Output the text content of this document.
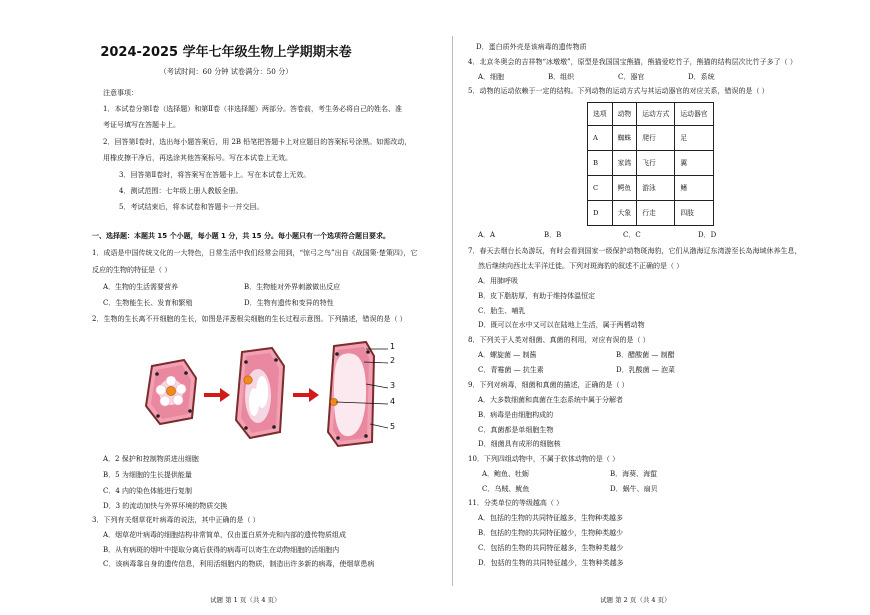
2024-2025 学年七年级生物上学期期末卷
（考试时间：60 分钟 试卷满分：50 分）
注意事项：
1．本试卷分第Ⅰ卷（选择题）和第Ⅱ卷（非选择题）两部分。答卷前，考生务必将自己的姓名、准
考证号填写在答题卡上。
2．回答第Ⅰ卷时，选出每小题答案后，用 2B 铅笔把答题卡上对应题目的答案标号涂黑。如需改动，
用橡皮擦干净后，再选涂其他答案标号。写在本试卷上无效。
3．回答第Ⅱ卷时，将答案写在答题卡上。写在本试卷上无效。
4．测试范围：七年级上册人教版全册。
5．考试结束后，将本试卷和答题卡一并交回。
一、选择题：本题共 15 个小题，每小题 1 分，共 15 分。每小题只有一个选项符合题目要求。
1．成语是中国传统文化的一大特色，日常生活中我们经常会用到，“惊弓之鸟”出自《战国策·楚策四》，它
反应的生物的特征是（ ）
A．生物的生活需要营养	B．生物能对外界刺激做出反应
C．生物能生长、发育和繁殖	D．生物有遗传和变异的特性
2．生物的生长离不开细胞的生长，如图是洋葱根尖细胞的生长过程示意图。下列描述，错误的是（ ）
1
2
3
4
5
A．2 保护和控制物质进出细胞
B．5 为细胞的生长提供能量
C．4 内的染色体能进行复制
D．3 的流动加快与外界环境的物质交换
3．下列有关烟草花叶病毒的说法，其中正确的是（ ）
A．烟草花叶病毒的细胞结构非常简单，仅由蛋白质外壳和内部的遗传物质组成
B．从有病斑的烟叶中提取分离后获得的病毒可以寄生在动物细胞的活细胞内
C．该病毒靠自身的遗传信息，利用活细胞内的物质，制造出许多新的病毒，使烟草患病
试题 第 1 页（共 4 页）
D．蛋白质外壳是该病毒的遗传物质
4．北京冬奥会的吉祥物“冰墩墩”，原型是我国国宝熊猫，熊猫爱吃竹子，熊猫的结构层次比竹子多了（ ）
A．细胞	B．组织	C．器官	D．系统
5．动物的运动依赖于一定的结构。下列动物的运动方式与其运动器官的对应关系，错误的是（ ）
选项	动物	运动方式	运动器官
A	蜘蛛	爬行	足
B	家鸽	飞行	翼
C	鳄鱼	游泳	鳍
D	大象	行走	四肢
A．A	B．B	C．C	D．D
7．春天去烟台长岛游玩，有时会看到国家一级保护动物斑海豹，它们从渤海辽东湾游至长岛海域休养生息，
然后继续向西北太平洋迁徙。下列对斑海豹的叙述不正确的是（ ）
A．用肺呼吸
B．皮下脂肪厚，有助于维持体温恒定
C．胎生、哺乳
D．既可以在水中又可以在陆地上生活，属于两栖动物
8．下列关于人类对细菌、真菌的利用，对应有误的是（ ）
A．螺旋菌 — 制酱	B．醋酸菌 — 制醋
C．青霉菌 — 抗生素	D．乳酸菌 — 泡菜
9．下列对病毒，细菌和真菌的描述，正确的是（ ）
A．大多数细菌和真菌在生态系统中属于分解者
B．病毒是由细胞构成的
C．真菌都是单细胞生物
D．细菌具有成形的细胞核
10．下列四组动物中，不属于软体动物的是（ ）
A．鲍鱼、牡蛎	B．海葵、海蜇
C．乌贼、鱿鱼	D．蜗牛、扇贝
11．分类单位的等级越高（ ）
A．包括的生物的共同特征越多，生物种类越多
B．包括的生物的共同特征越少，生物种类越少
C．包括的生物的共同特征越多，生物种类越少
D．包括的生物的共同特征越少，生物种类越多
试题 第 2 页（共 4 页）
